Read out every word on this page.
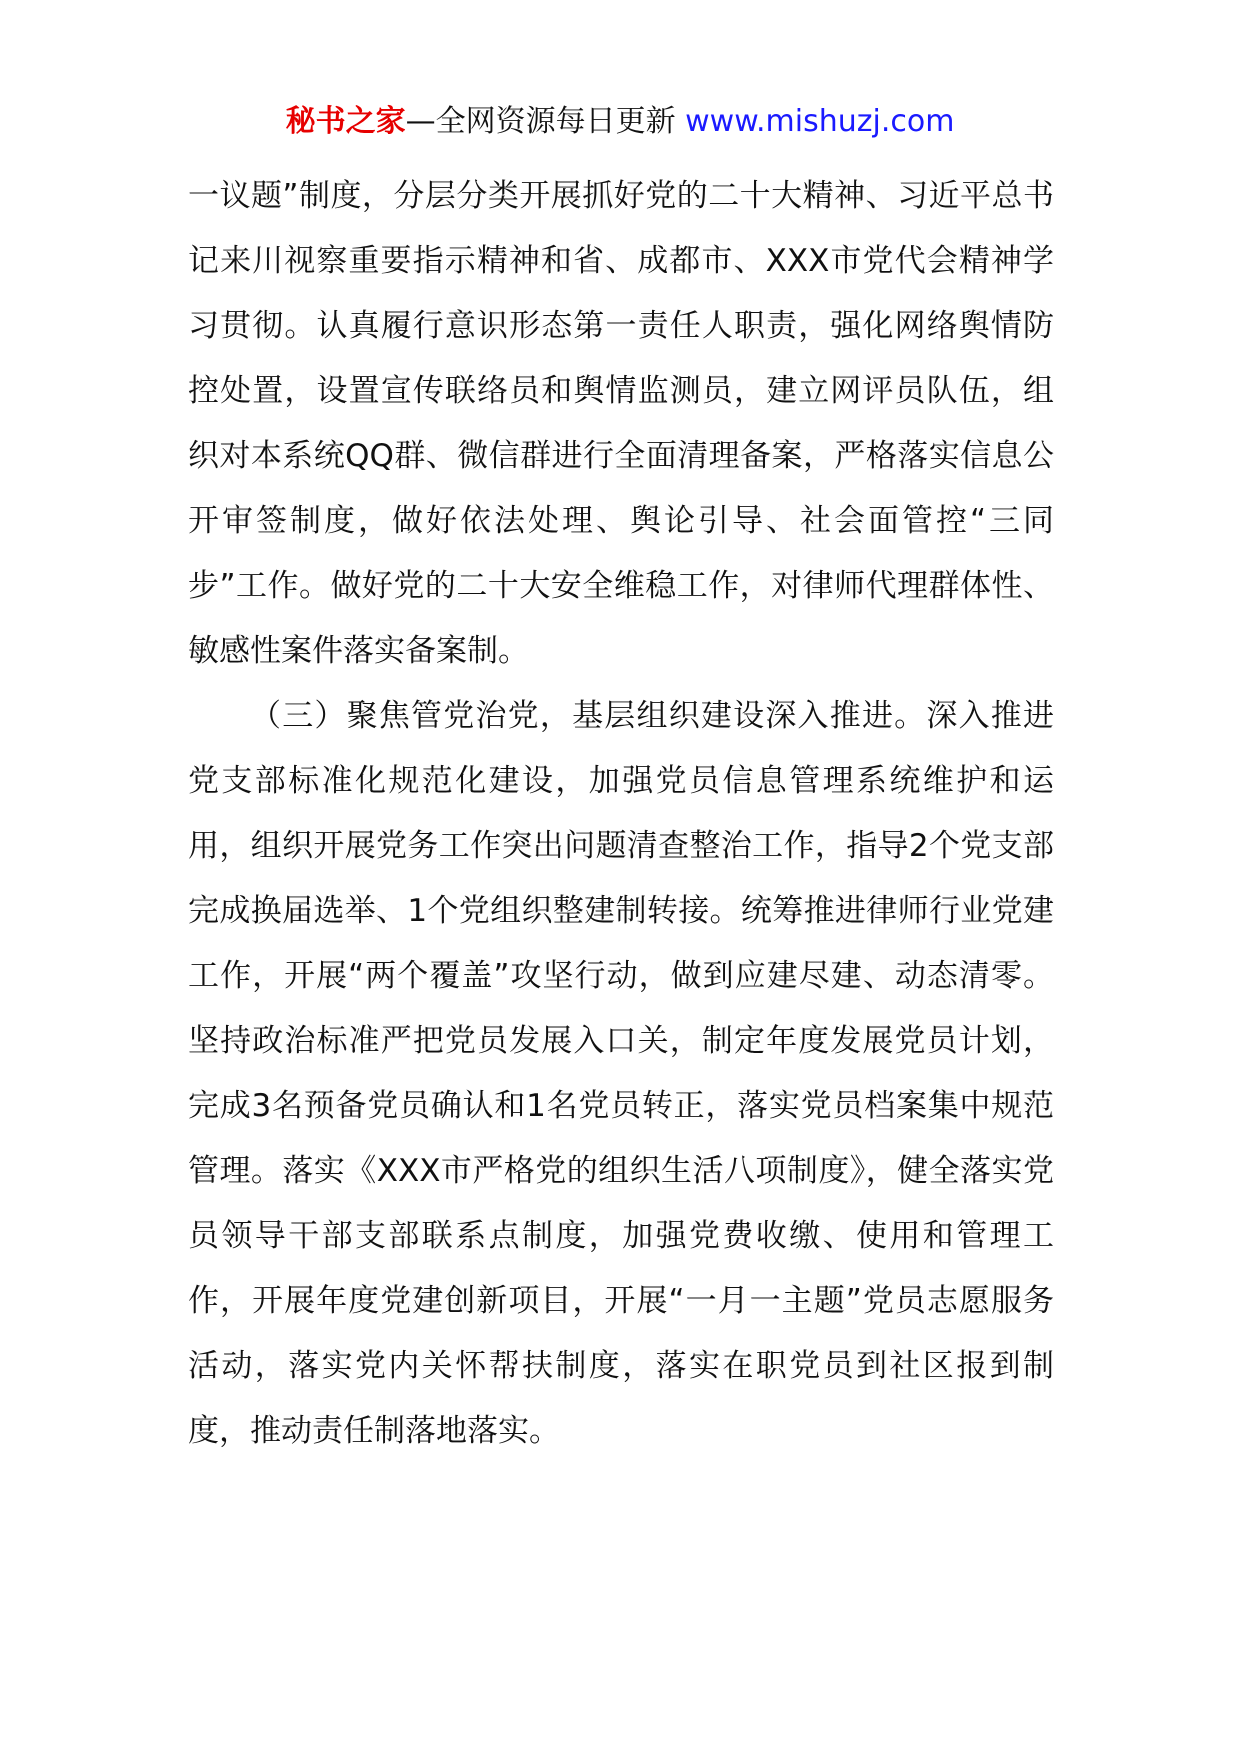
秘书之家—全网资源每日更新 www.mishuzj.com

一议题”制度，分层分类开展抓好党的二十大精神、习近平总书记来川视察重要指示精神和省、成都市、XXX市党代会精神学习贯彻。认真履行意识形态第一责任人职责，强化网络舆情防控处置，设置宣传联络员和舆情监测员，建立网评员队伍，组织对本系统QQ群、微信群进行全面清理备案，严格落实信息公开审签制度，做好依法处理、舆论引导、社会面管控“三同步”工作。做好党的二十大安全维稳工作，对律师代理群体性、敏感性案件落实备案制。

（三）聚焦管党治党，基层组织建设深入推进。深入推进党支部标准化规范化建设，加强党员信息管理系统维护和运用，组织开展党务工作突出问题清查整治工作，指导2个党支部完成换届选举、1个党组织整建制转接。统筹推进律师行业党建工作，开展“两个覆盖”攻坚行动，做到应建尽建、动态清零。坚持政治标准严把党员发展入口关，制定年度发展党员计划，完成3名预备党员确认和1名党员转正，落实党员档案集中规范管理。落实《XXX市严格党的组织生活八项制度》，健全落实党员领导干部支部联系点制度，加强党费收缴、使用和管理工作，开展年度党建创新项目，开展“一月一主题”党员志愿服务活动，落实党内关怀帮扶制度，落实在职党员到社区报到制度，推动责任制落地落实。
